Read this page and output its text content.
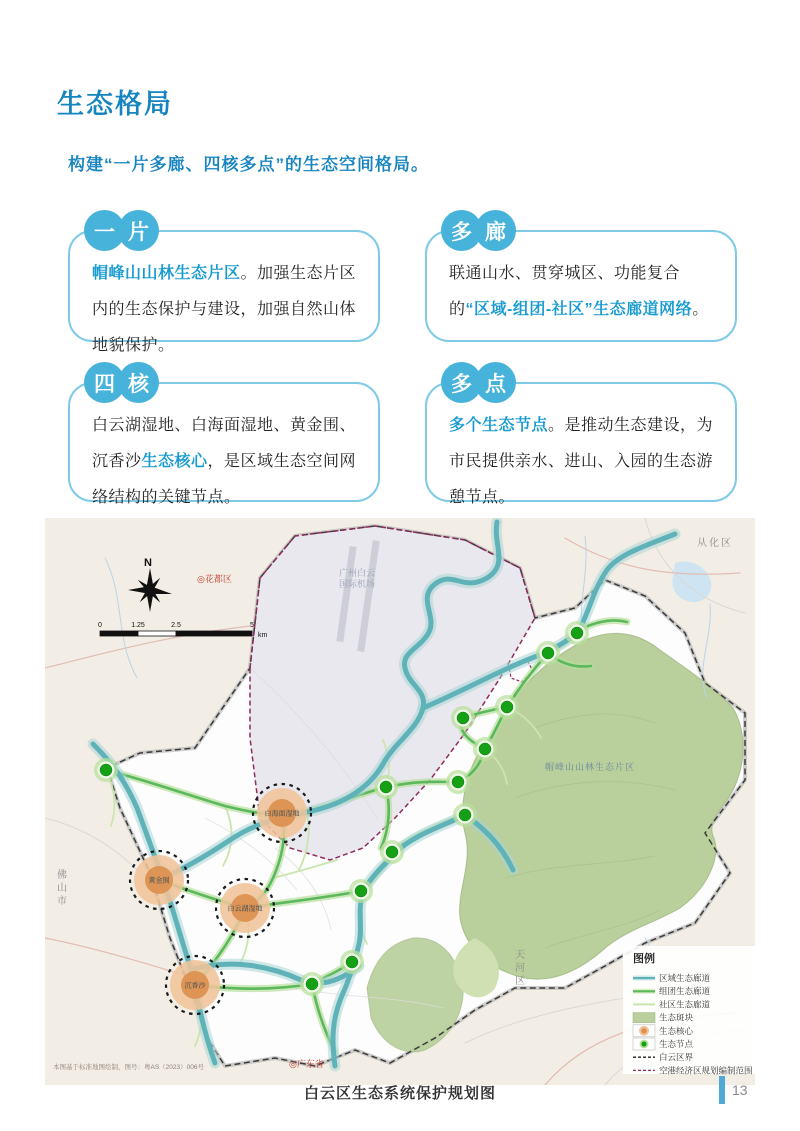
生态格局
构建“一片多廊、四核多点”的生态空间格局。
一 片

帽峰山山林生态片区。加强生态片区内的生态保护与建设，加强自然山体地貌保护。

多 廊

联通山水、贯穿城区、功能复合的“区域-组团-社区”生态廊道网络。

四 核

白云湖湿地、白海面湿地、黄金围、沉香沙生态核心，是区域生态空间网络结构的关键节点。

多 点

多个生态节点。是推动生态建设，为市民提供亲水、进山、入园的生态游憩节点。

白海面湿地
黄金围
白云湖湿地
沉香沙
◎花都区
◎广东省
佛山市
从化区
天河区
帽峰山山林生态片区
广州白云国际机场
N
0	1.25	2.5	5
km
图例
区域生态廊道
组团生态廊道
社区生态廊道
生态斑块
生态核心
生态节点
白云区界
空港经济区规划编制范围
本图基于标准地图绘制，图号：粤AS（2023）006号
白云区生态系统保护规划图	13
